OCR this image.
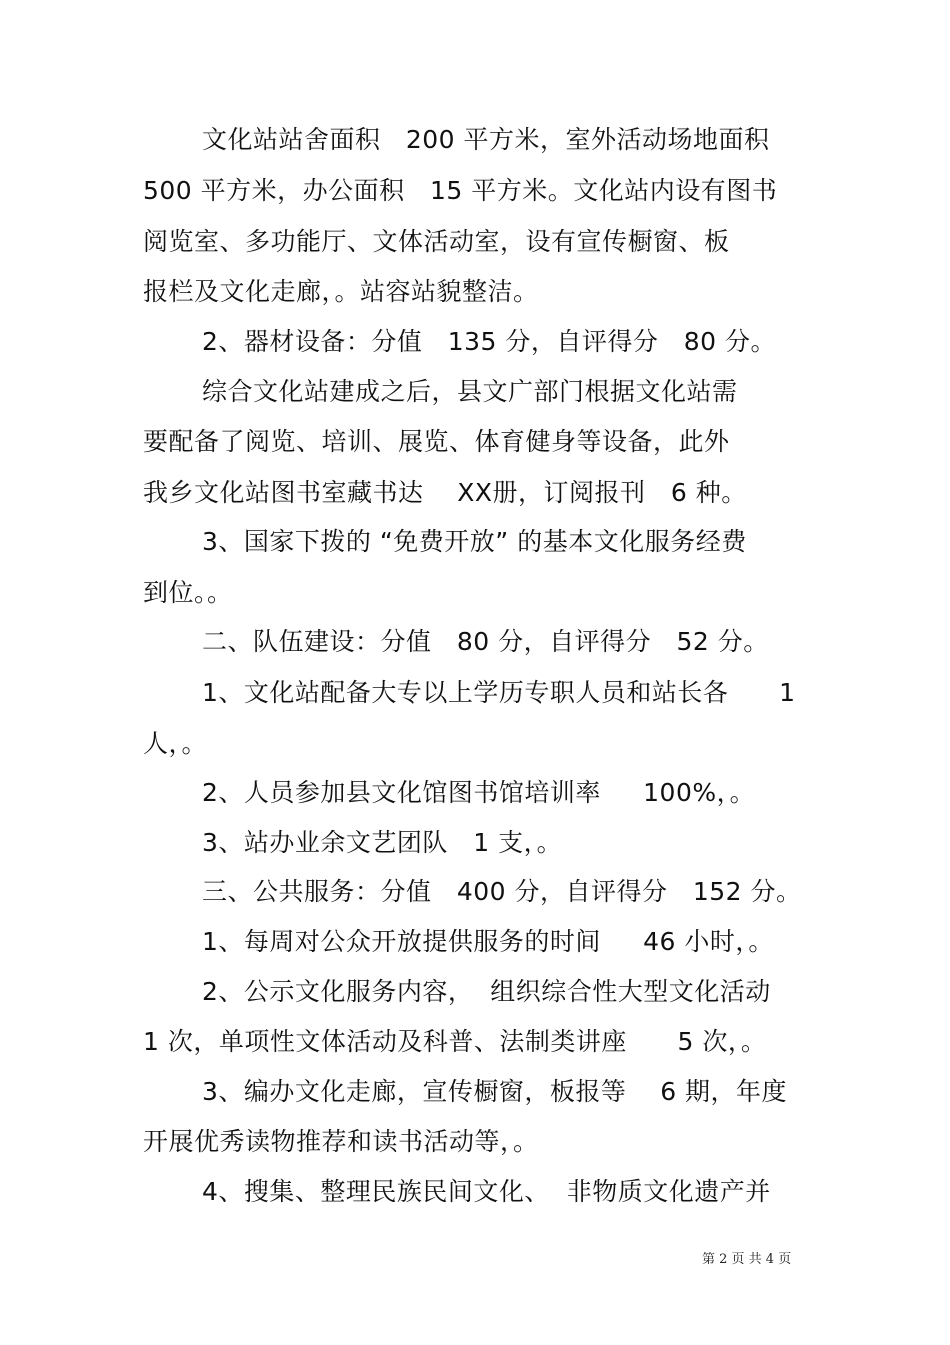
文化站站舍面积   200 平方米，室外活动场地面积
500 平方米，办公面积   15 平方米。文化站内设有图书
阅览室、多功能厅、文体活动室，设有宣传橱窗、板
报栏及文化走廊，。站容站貌整洁。
2、器材设备：分值   135 分，自评得分   80 分。
综合文化站建成之后，县文广部门根据文化站需
要配备了阅览、培训、展览、体育健身等设备，此外
我乡文化站图书室藏书达    XX册，订阅报刊   6 种。
3、国家下拨的 “免费开放” 的基本文化服务经费
到位。。
二、队伍建设：分值   80 分，自评得分   52 分。
1、文化站配备大专以上学历专职人员和站长各      1
人，。
2、人员参加县文化馆图书馆培训率     100%，。
3、站办业余文艺团队   1 支，。
三、公共服务：分值   400 分，自评得分   152 分。
1、每周对公众开放提供服务的时间     46 小时，。
2、公示文化服务内容，  组织综合性大型文化活动
1 次，单项性文体活动及科普、法制类讲座      5 次，。
3、编办文化走廊，宣传橱窗，板报等    6 期，年度
开展优秀读物推荐和读书活动等，。
4、搜集、整理民族民间文化、  非物质文化遗产并
第 2 页 共 4 页
